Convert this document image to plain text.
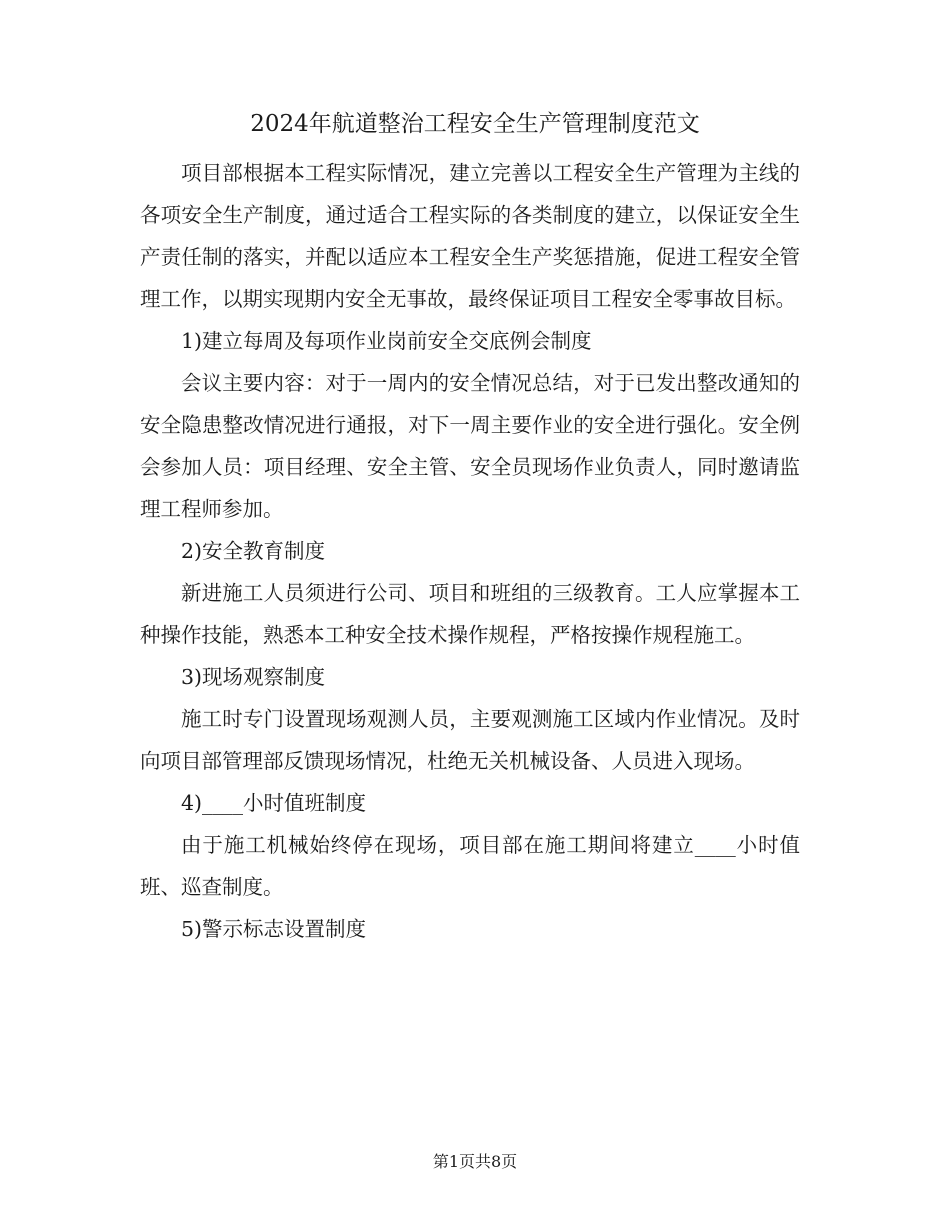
2024年航道整治工程安全生产管理制度范文

项目部根据本工程实际情况，建立完善以工程安全生产管理为主线的各项安全生产制度，通过适合工程实际的各类制度的建立，以保证安全生产责任制的落实，并配以适应本工程安全生产奖惩措施，促进工程安全管理工作，以期实现期内安全无事故，最终保证项目工程安全零事故目标。

1)建立每周及每项作业岗前安全交底例会制度

会议主要内容：对于一周内的安全情况总结，对于已发出整改通知的安全隐患整改情况进行通报，对下一周主要作业的安全进行强化。安全例会参加人员：项目经理、安全主管、安全员现场作业负责人，同时邀请监理工程师参加。

2)安全教育制度

新进施工人员须进行公司、项目和班组的三级教育。工人应掌握本工种操作技能，熟悉本工种安全技术操作规程，严格按操作规程施工。

3)现场观察制度

施工时专门设置现场观测人员，主要观测施工区域内作业情况。及时向项目部管理部反馈现场情况，杜绝无关机械设备、人员进入现场。

4)____小时值班制度

由于施工机械始终停在现场，项目部在施工期间将建立____小时值班、巡查制度。

5)警示标志设置制度

第1页共8页
